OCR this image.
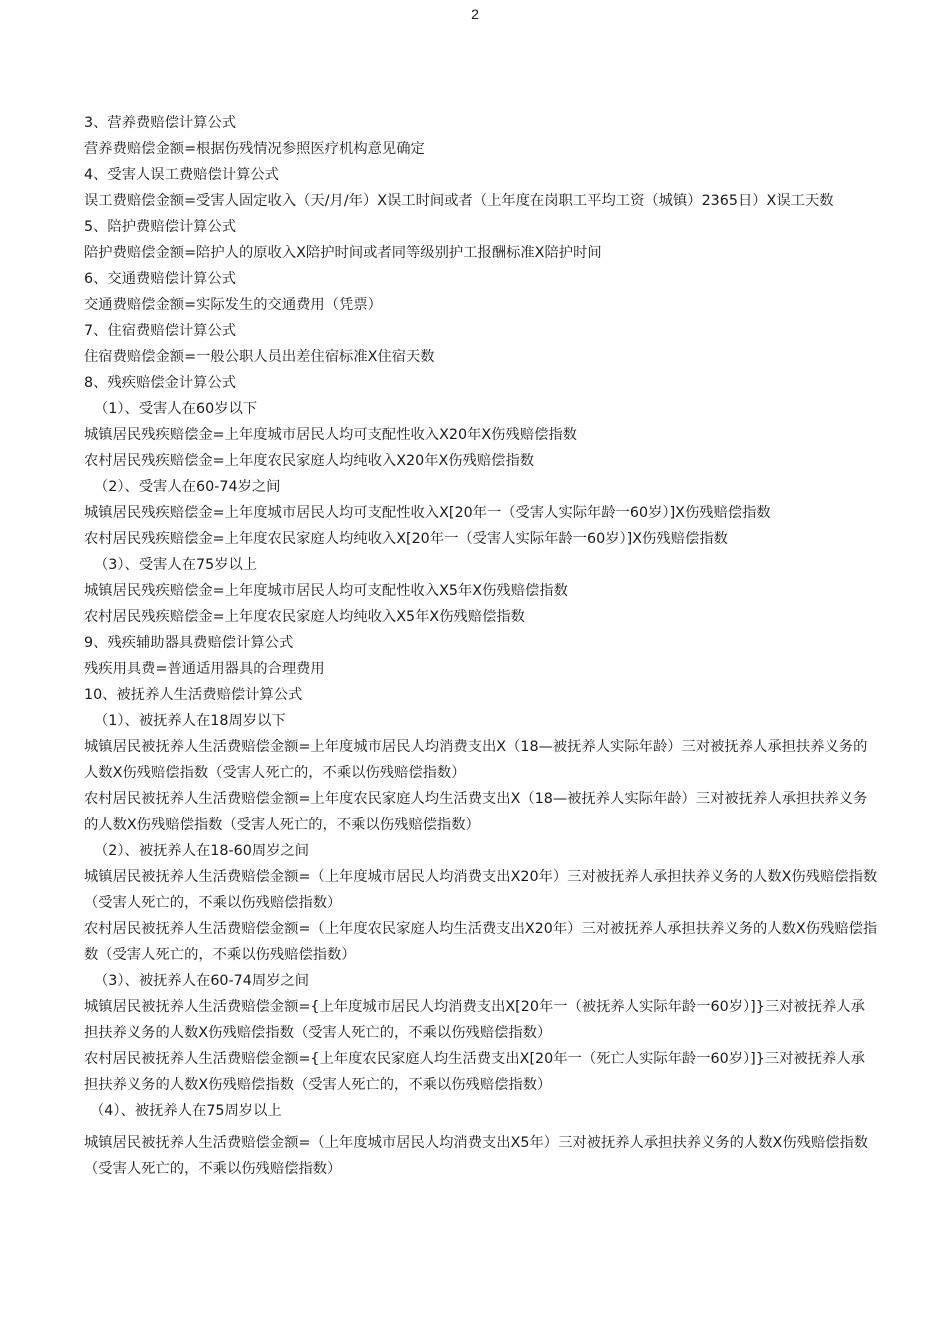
2

3、营养费赔偿计算公式

营养费赔偿金额=根据伤残情况参照医疗机构意见确定

4、受害人误工费赔偿计算公式

误工费赔偿金额=受害人固定收入（天/月/年）X误工时间或者（上年度在岗职工平均工资（城镇）2365日）X误工天数

5、陪护费赔偿计算公式

陪护费赔偿金额=陪护人的原收入X陪护时间或者同等级别护工报酬标准X陪护时间

6、交通费赔偿计算公式

交通费赔偿金额=实际发生的交通费用（凭票）

7、住宿费赔偿计算公式

住宿费赔偿金额=一般公职人员出差住宿标准X住宿天数

8、残疾赔偿金计算公式

（1）、受害人在60岁以下

城镇居民残疾赔偿金=上年度城市居民人均可支配性收入X20年X伤残赔偿指数

农村居民残疾赔偿金=上年度农民家庭人均纯收入X20年X伤残赔偿指数

（2）、受害人在60-74岁之间

城镇居民残疾赔偿金=上年度城市居民人均可支配性收入X[20年一（受害人实际年龄一60岁）]X伤残赔偿指数

农村居民残疾赔偿金=上年度农民家庭人均纯收入X[20年一（受害人实际年龄一60岁）]X伤残赔偿指数

（3）、受害人在75岁以上

城镇居民残疾赔偿金=上年度城市居民人均可支配性收入X5年X伤残赔偿指数

农村居民残疾赔偿金=上年度农民家庭人均纯收入X5年X伤残赔偿指数

9、残疾辅助器具费赔偿计算公式

残疾用具费=普通适用器具的合理费用

10、被抚养人生活费赔偿计算公式

（1）、被抚养人在18周岁以下

城镇居民被抚养人生活费赔偿金额=上年度城市居民人均消费支出X（18—被抚养人实际年龄）三对被抚养人承担扶养义务的人数X伤残赔偿指数（受害人死亡的，不乘以伤残赔偿指数）

农村居民被抚养人生活费赔偿金额=上年度农民家庭人均生活费支出X（18—被抚养人实际年龄）三对被抚养人承担扶养义务的人数X伤残赔偿指数（受害人死亡的，不乘以伤残赔偿指数）

（2）、被抚养人在18-60周岁之间

城镇居民被抚养人生活费赔偿金额=（上年度城市居民人均消费支出X20年）三对被抚养人承担扶养义务的人数X伤残赔偿指数（受害人死亡的，不乘以伤残赔偿指数）

农村居民被抚养人生活费赔偿金额=（上年度农民家庭人均生活费支出X20年）三对被抚养人承担扶养义务的人数X伤残赔偿指数（受害人死亡的，不乘以伤残赔偿指数）

（3）、被抚养人在60-74周岁之间

城镇居民被抚养人生活费赔偿金额={上年度城市居民人均消费支出X[20年一（被抚养人实际年龄一60岁）]}三对被抚养人承担扶养义务的人数X伤残赔偿指数（受害人死亡的，不乘以伤残赔偿指数）

农村居民被抚养人生活费赔偿金额={上年度农民家庭人均生活费支出X[20年一（死亡人实际年龄一60岁）]}三对被抚养人承担扶养义务的人数X伤残赔偿指数（受害人死亡的，不乘以伤残赔偿指数）

（4）、被抚养人在75周岁以上

城镇居民被抚养人生活费赔偿金额=（上年度城市居民人均消费支出X5年）三对被抚养人承担扶养义务的人数X伤残赔偿指数（受害人死亡的，不乘以伤残赔偿指数）
